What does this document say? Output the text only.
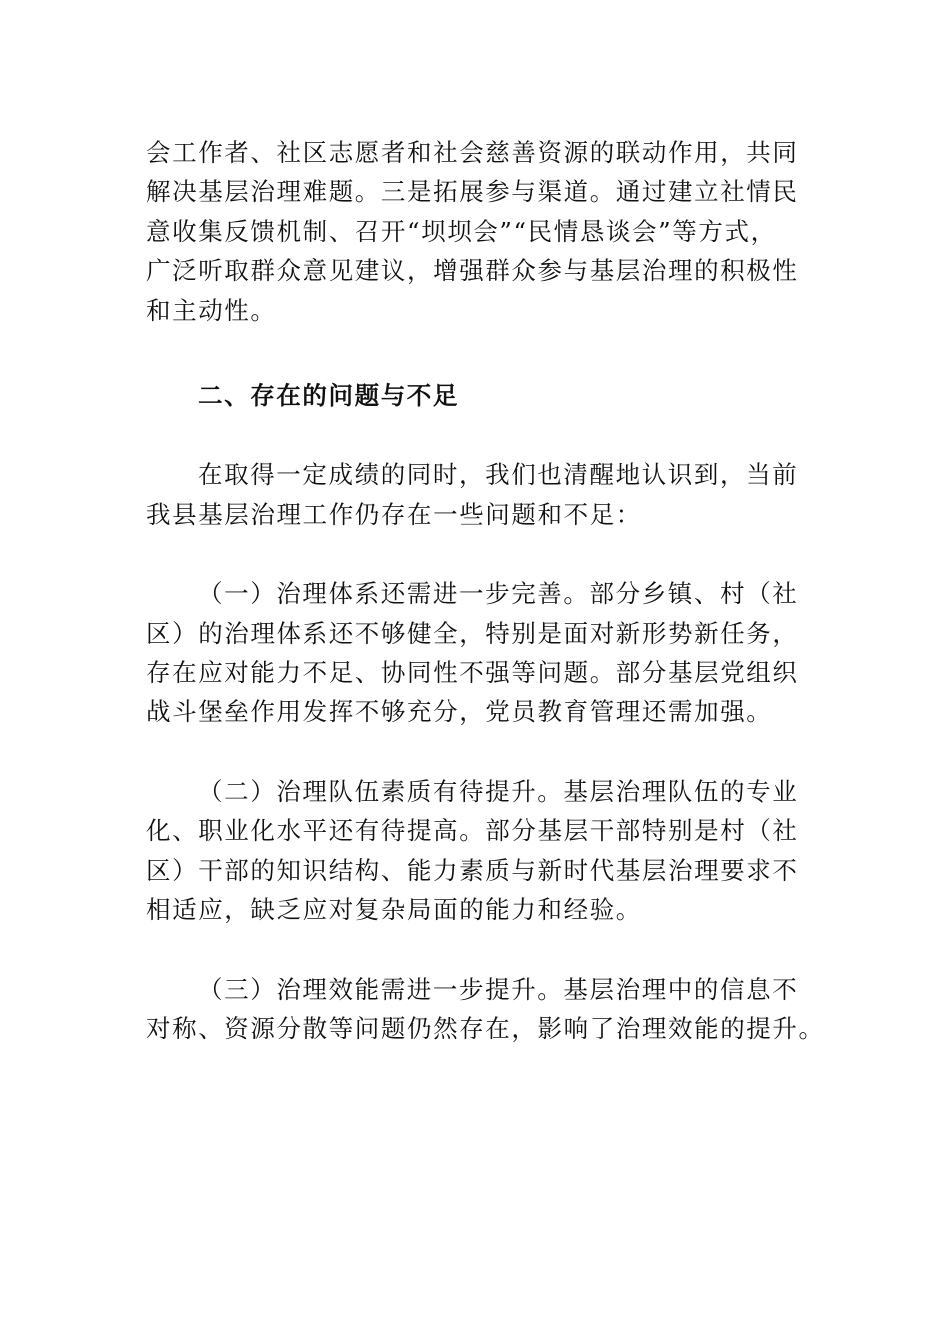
会工作者、社区志愿者和社会慈善资源的联动作用，共同
解决基层治理难题。三是拓展参与渠道。通过建立社情民
意收集反馈机制、召开“坝坝会”“民情恳谈会”等方式，
广泛听取群众意见建议，增强群众参与基层治理的积极性
和主动性。

二、存在的问题与不足

在取得一定成绩的同时，我们也清醒地认识到，当前
我县基层治理工作仍存在一些问题和不足：

（一）治理体系还需进一步完善。部分乡镇、村（社
区）的治理体系还不够健全，特别是面对新形势新任务，
存在应对能力不足、协同性不强等问题。部分基层党组织
战斗堡垒作用发挥不够充分，党员教育管理还需加强。

（二）治理队伍素质有待提升。基层治理队伍的专业
化、职业化水平还有待提高。部分基层干部特别是村（社
区）干部的知识结构、能力素质与新时代基层治理要求不
相适应，缺乏应对复杂局面的能力和经验。

（三）治理效能需进一步提升。基层治理中的信息不
对称、资源分散等问题仍然存在，影响了治理效能的提升。
